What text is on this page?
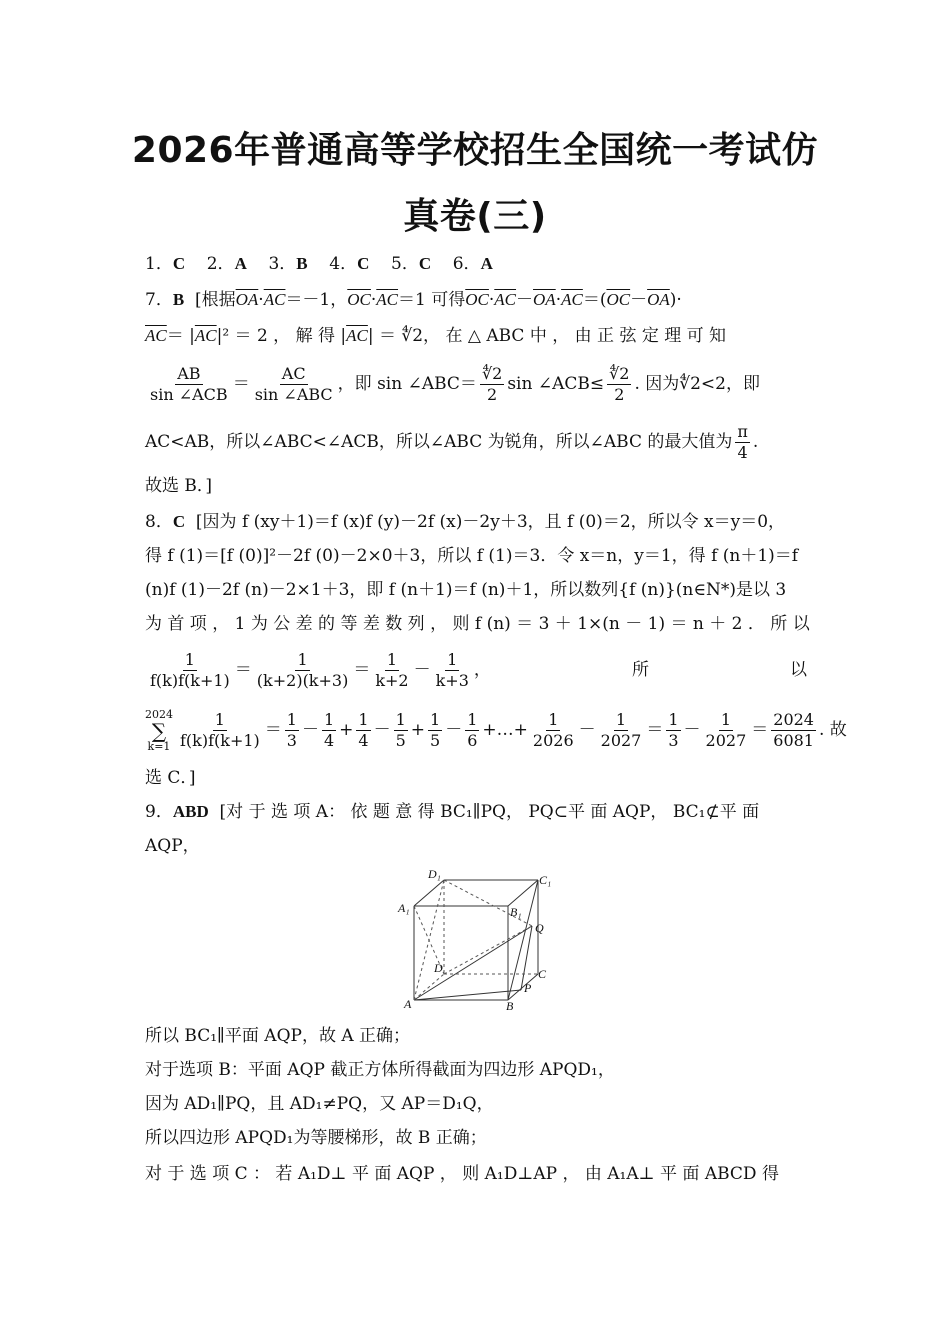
2026年普通高等学校招生全国统一考试仿
真卷(三)
1．C 2．A 3．B 4．C 5．C 6．A
7．B [根据$\overline{OA}\cdot\overline{AC}=-1$，$\overline{OC}\cdot\overline{AC}=1$ 可得$\overline{OC}\cdot\overline{AC}-\overline{OA}\cdot\overline{AC}=(\overline{OC}-\overline{OA})\cdot$
$\overline{AC}= |\overline{AC}|^2 = 2$ ， 解 得 $|\overline{AC}|$ ＝ ∜2， 在 △ ABC 中 ， 由 正 弦 定 理 可 知
$\frac{AB}{\text{sin ∠ACB}} = \frac{AC}{\text{sin ∠ABC}}$ ，即 sin ∠ABC＝ $\frac{∜2}{2}$ sin ∠ACB≤ $\frac{∜2}{2}$ . 因为∜2<2，即
AC<AB，所以∠ABC<∠ACB，所以∠ABC 为锐角，所以∠ABC 的最大值为 $\frac{\pi}{4}$ .
故选 B．]
8．C [因为 f (xy＋1)＝f (x)f (y)－2f (x)－2y＋3，且 f (0)＝2，所以令 x＝y＝0，
得 f (1)＝[f (0)]²－2f (0)－2×0＋3，所以 f (1)＝3．令 x＝n，y＝1，得 f (n＋1)＝f
(n)f (1)－2f (n)－2×1＋3，即 f (n＋1)＝f (n)＋1，所以数列{f (n)}(n∈N*)是以 3
为 首 项 ， 1 为 公 差 的 等 差 数 列 ， 则 f (n) ＝ 3 ＋ 1×(n － 1) ＝ n ＋ 2 ． 所 以
$\frac{1}{f(k)f(k+1)} = \frac{1}{(k+2)(k+3)} = \frac{1}{k+2} - \frac{1}{k+3}$ ，	所	以
2024
∑
$k=1 \frac{1}{f(k)f(k+1)} = \frac{1}{3} - \frac{1}{4} + \frac{1}{4} - \frac{1}{5} + \frac{1}{5} - \frac{1}{6}$ +…+ $\frac{1}{2026} - \frac{1}{2027} = \frac{1}{3} - \frac{1}{2027} = \frac{2024}{6081}$ . 故
选 C．]
9．ABD [对 于 选 项 A： 依 题 意 得 BC₁∥PQ， PQ⊂平 面 AQP， BC₁⊄平 面
AQP，
D₁	C₁
A₁	B₁
Q
D	C
P
A	B
所以 BC₁∥平面 AQP，故 A 正确；
对于选项 B：平面 AQP 截正方体所得截面为四边形 APQD₁，
因为 AD₁∥PQ，且 AD₁≠PQ，又 AP＝D₁Q，
所以四边形 APQD₁为等腰梯形，故 B 正确；
对 于 选 项 C ： 若 A₁D⊥ 平 面 AQP ， 则 A₁D⊥AP ， 由 A₁A⊥ 平 面 ABCD 得
